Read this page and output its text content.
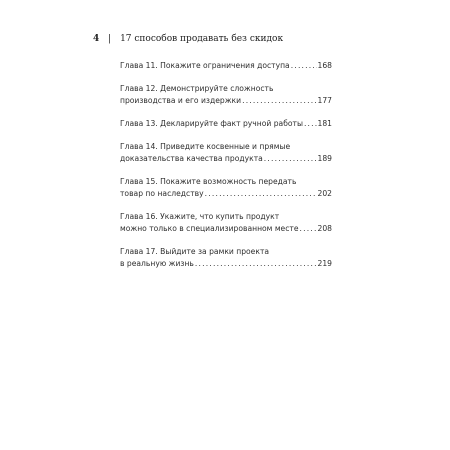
4 | 17 способов продавать без скидок
Глава 11. Покажите ограничения доступа .....	168
Глава 12. Демонстрируйте сложность
производства и его издержки .....	177
Глава 13. Декларируйте факт ручной работы ..... 181
Глава 14. Приведите косвенные и прямые
доказательства качества продукта .....	189
Глава 15. Покажите возможность передать
товар по наследству .....	202
Глава 16. Укажите, что купить продукт
можно только в специализированном месте .....	208
Глава 17. Выйдите за рамки проекта
в реальную жизнь .....	219
